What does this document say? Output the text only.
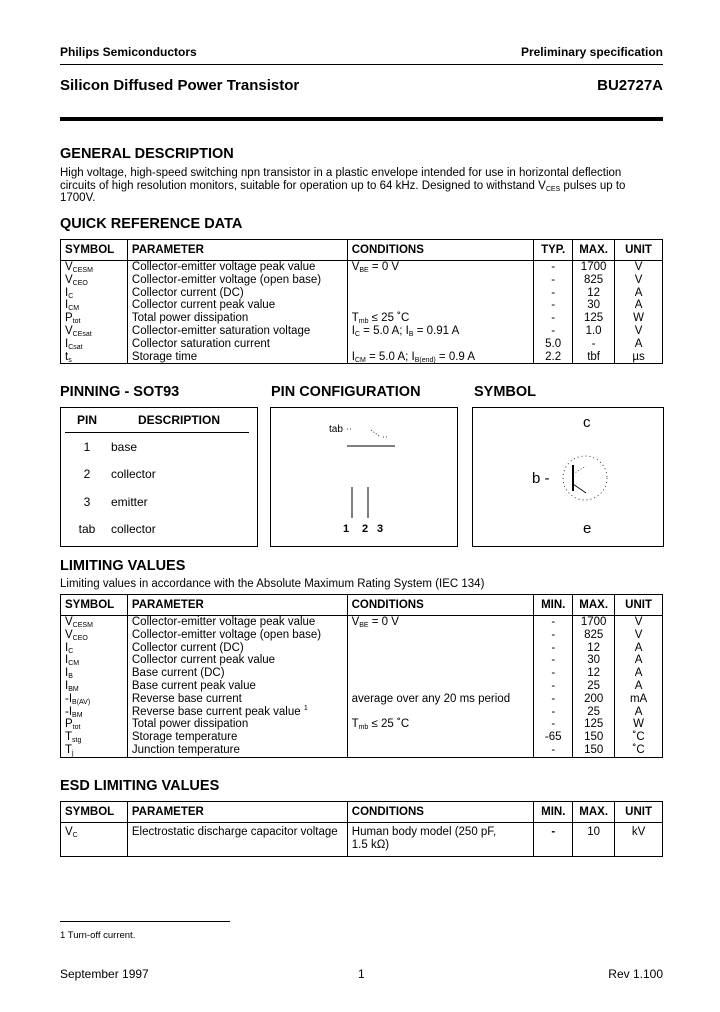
Philips Semiconductors	Preliminary specification
Silicon Diffused Power Transistor	BU2727A
GENERAL DESCRIPTION
High voltage, high-speed switching npn transistor in a plastic envelope intended for use in horizontal deflection
circuits of high resolution monitors, suitable for operation up to 64 kHz. Designed to withstand $V_{CES}$ pulses up to
1700V.
QUICK REFERENCE DATA
SYMBOL	PARAMETER	CONDITIONS	TYP.	MAX.	UNIT
$V_{CESM}$	Collector-emitter voltage peak value	$V_{BE} = 0$ V	-	1700	V
$V_{CEO}$	Collector-emitter voltage (open base)		-	825	V
$I_C$	Collector current (DC)		-	12	A
$I_{CM}$	Collector current peak value		-	30	A
$P_{tot}$	Total power dissipation	$T_{mb} \le 25$ ˚C	-	125	W
$V_{CEsat}$	Collector-emitter saturation voltage	$I_C = 5.0$ A; $I_B = 0.91$ A	-	1.0	V
$I_{Csat}$	Collector saturation current		5.0	-	A
$t_s$	Storage time	$I_{CM} = 5.0$ A; $I_{B(end)} = 0.9$ A	2.2	tbf	µs
PINNING - SOT93
PIN	DESCRIPTION
1	base
2	collector
3	emitter
tab	collector
PIN CONFIGURATION
tab
1 2 3
SYMBOL
c
b -
e
LIMITING VALUES
Limiting values in accordance with the Absolute Maximum Rating System (IEC 134)
SYMBOL	PARAMETER	CONDITIONS	MIN.	MAX.	UNIT
$V_{CESM}$	Collector-emitter voltage peak value	$V_{BE} = 0$ V	-	1700	V
$V_{CEO}$	Collector-emitter voltage (open base)		-	825	V
$I_C$	Collector current (DC)		-	12	A
$I_{CM}$	Collector current peak value		-	30	A
$I_B$	Base current (DC)		-	12	A
$I_{BM}$	Base current peak value		-	25	A
$-I_{B(AV)}$	Reverse base current	average over any 20 ms period	-	200	mA
$-I_{BM}$	Reverse base current peak value $^1$		-	25	A
$P_{tot}$	Total power dissipation	$T_{mb} \le 25$ ˚C	-	125	W
$T_{stg}$	Storage temperature		-65	150	˚C
$T_j$	Junction temperature		-	150	˚C
ESD LIMITING VALUES
SYMBOL	PARAMETER	CONDITIONS	MIN.	MAX.	UNIT
$V_C$	Electrostatic discharge capacitor voltage	Human body model (250 pF,
1.5 kΩ)	-	10	kV
1 Turn-off current.
September 1997	1	Rev 1.100
